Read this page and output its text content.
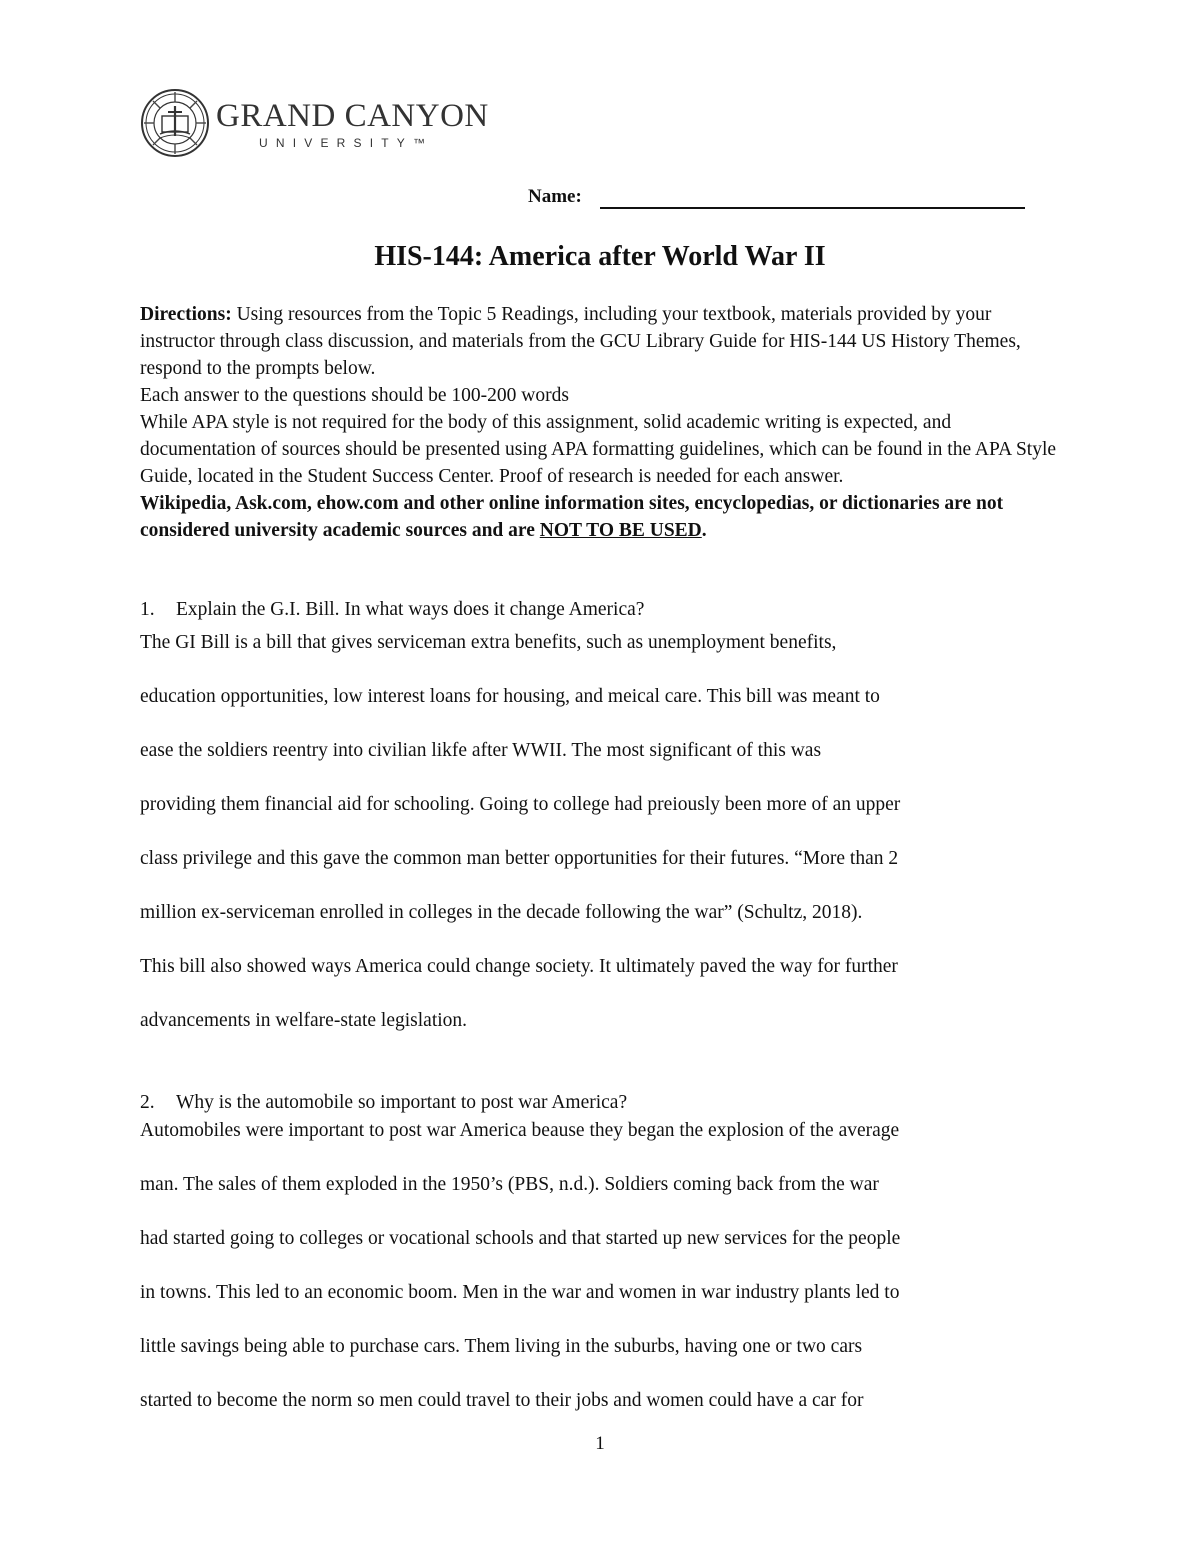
GRAND CANYON
UNIVERSITY™
Name:
HIS-144: America after World War II

Directions: Using resources from the Topic 5 Readings, including your textbook, materials provided by your instructor through class discussion, and materials from the GCU Library Guide for HIS-144 US History Themes, respond to the prompts below.

Each answer to the questions should be 100-200 words

While APA style is not required for the body of this assignment, solid academic writing is expected, and documentation of sources should be presented using APA formatting guidelines, which can be found in the APA Style Guide, located in the Student Success Center. Proof of research is needed for each answer.

Wikipedia, Ask.com, ehow.com and other online information sites, encyclopedias, or dictionaries are not considered university academic sources and are NOT TO BE USED.

1. Explain the G.I. Bill. In what ways does it change America?
The GI Bill is a bill that gives serviceman extra benefits, such as unemployment benefits,
education opportunities, low interest loans for housing, and meical care. This bill was meant to
ease the soldiers reentry into civilian likfe after WWII. The most significant of this was
providing them financial aid for schooling. Going to college had preiously been more of an upper
class privilege and this gave the common man better opportunities for their futures. “More than 2
million ex-serviceman enrolled in colleges in the decade following the war” (Schultz, 2018).
This bill also showed ways America could change society. It ultimately paved the way for further
advancements in welfare-state legislation.
2. Why is the automobile so important to post war America?
Automobiles were important to post war America beause they began the explosion of the average
man. The sales of them exploded in the 1950’s (PBS, n.d.). Soldiers coming back from the war
had started going to colleges or vocational schools and that started up new services for the people
in towns. This led to an economic boom. Men in the war and women in war industry plants led to
little savings being able to purchase cars. Them living in the suburbs, having one or two cars
started to become the norm so men could travel to their jobs and women could have a car for
1
